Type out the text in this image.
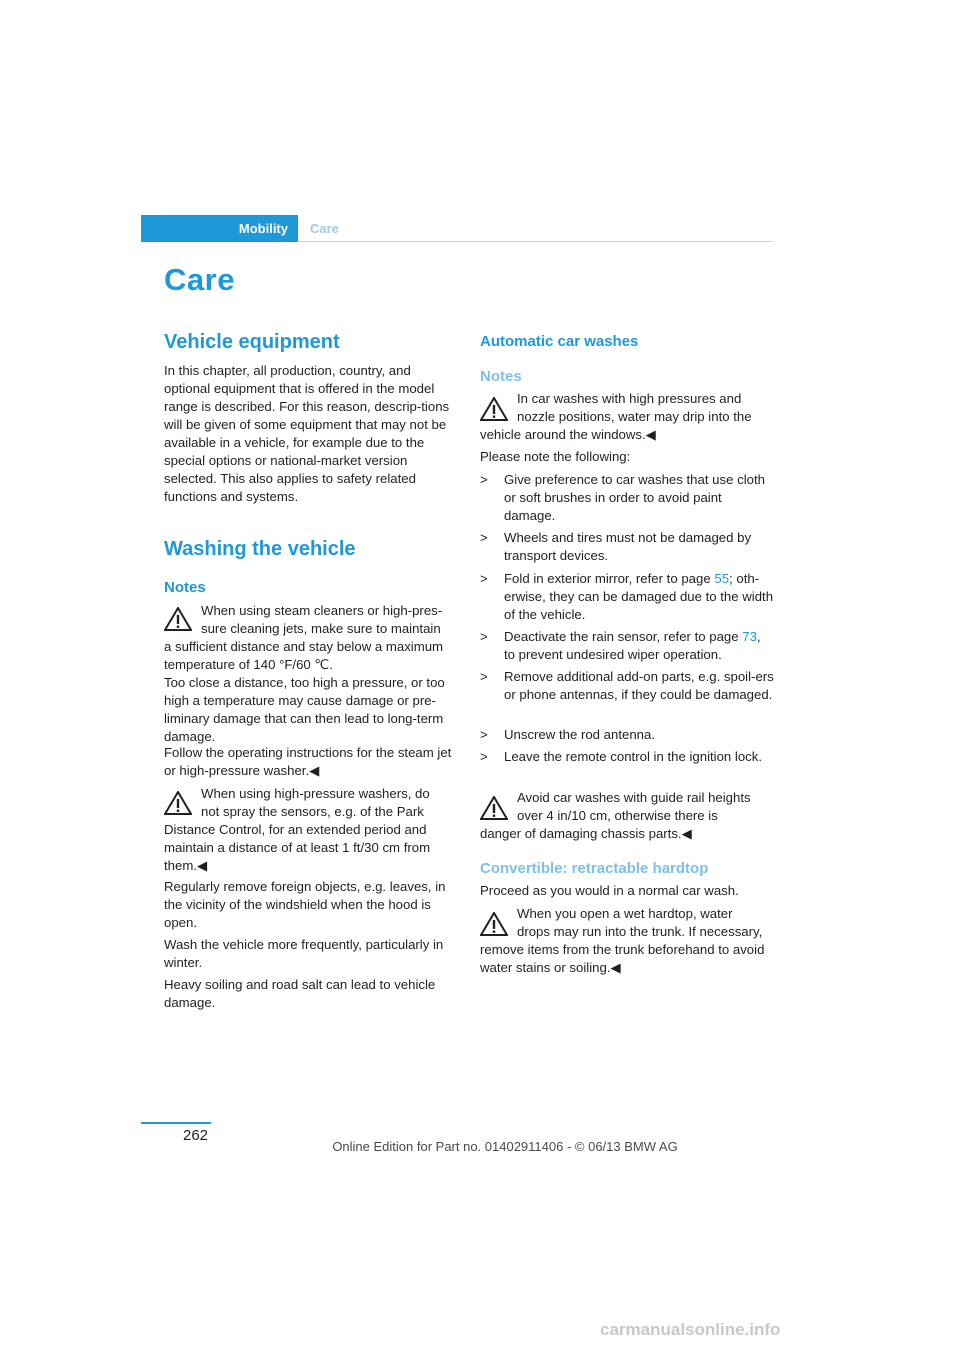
Mobility	Care
Care
Vehicle equipment
In this chapter, all production, country, and optional equipment that is offered in the model range is described. For this reason, descrip-tions will be given of some equipment that may not be available in a vehicle, for example due to the special options or national-market version selected. This also applies to safety related functions and systems.
Washing the vehicle
Notes
When using steam cleaners or high-pres-
sure cleaning jets, make sure to maintain
a sufficient distance and stay below a maximum temperature of 140 °F/60 ℃.
Too close a distance, too high a pressure, or too high a temperature may cause damage or pre-liminary damage that can then lead to long-term damage.
Follow the operating instructions for the steam jet or high-pressure washer.◀
When using high-pressure washers, do
not spray the sensors, e.g. of the Park
Distance Control, for an extended period and maintain a distance of at least 1 ft/30 cm from them.◀
Regularly remove foreign objects, e.g. leaves, in the vicinity of the windshield when the hood is open.
Wash the vehicle more frequently, particularly in winter.
Heavy soiling and road salt can lead to vehicle damage.
Automatic car washes
Notes
In car washes with high pressures and
nozzle positions, water may drip into the
vehicle around the windows.◀
Please note the following:
> Give preference to car washes that use cloth or soft brushes in order to avoid paint damage.
> Wheels and tires must not be damaged by transport devices.
> Fold in exterior mirror, refer to page 55; oth-erwise, they can be damaged due to the width of the vehicle.
> Deactivate the rain sensor, refer to page 73, to prevent undesired wiper operation.
> Remove additional add-on parts, e.g. spoil-ers or phone antennas, if they could be damaged.
> Unscrew the rod antenna.
> Leave the remote control in the ignition lock.
Avoid car washes with guide rail heights
over 4 in/10 cm, otherwise there is
danger of damaging chassis parts.◀
Convertible: retractable hardtop
Proceed as you would in a normal car wash.
When you open a wet hardtop, water
drops may run into the trunk. If necessary,
remove items from the trunk beforehand to avoid water stains or soiling.◀
262
Online Edition for Part no. 01402911406 - © 06/13 BMW AG
carmanualsonline.info
